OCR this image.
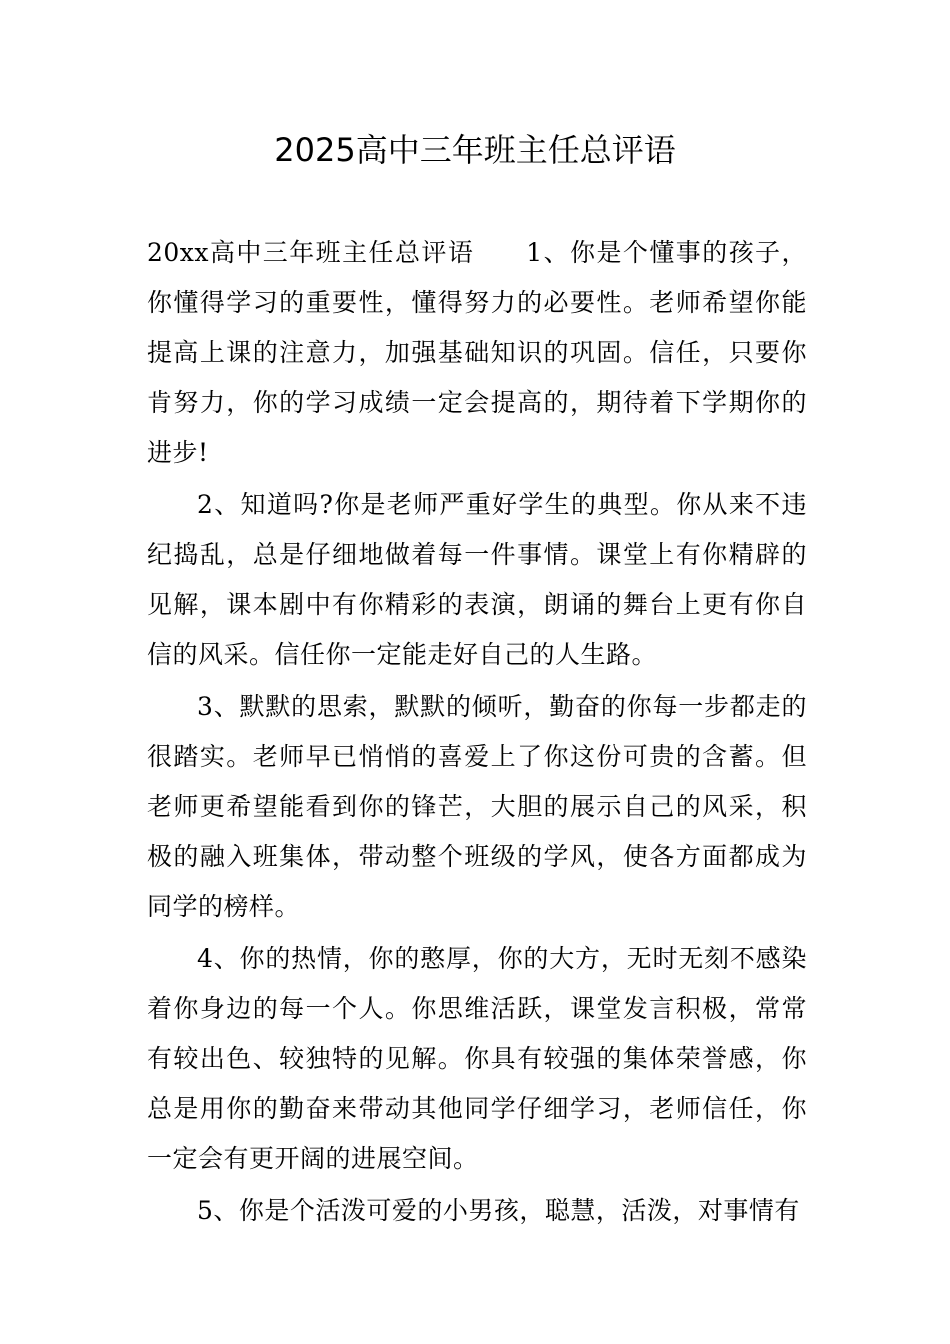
2025高中三年班主任总评语

20xx高中三年班主任总评语 1、你是个懂事的孩子，你懂得学习的重要性，懂得努力的必要性。老师希望你能提高上课的注意力，加强基础知识的巩固。信任，只要你肯努力，你的学习成绩一定会提高的，期待着下学期你的进步!

2、知道吗?你是老师严重好学生的典型。你从来不违纪捣乱，总是仔细地做着每一件事情。课堂上有你精辟的见解，课本剧中有你精彩的表演，朗诵的舞台上更有你自信的风采。信任你一定能走好自己的人生路。

3、默默的思索，默默的倾听，勤奋的你每一步都走的很踏实。老师早已悄悄的喜爱上了你这份可贵的含蓄。但老师更希望能看到你的锋芒，大胆的展示自己的风采，积极的融入班集体，带动整个班级的学风，使各方面都成为同学的榜样。

4、你的热情，你的憨厚，你的大方，无时无刻不感染着你身边的每一个人。你思维活跃，课堂发言积极，常常有较出色、较独特的见解。你具有较强的集体荣誉感，你总是用你的勤奋来带动其他同学仔细学习，老师信任，你一定会有更开阔的进展空间。

5、你是个活泼可爱的小男孩，聪慧，活泼，对事情有
